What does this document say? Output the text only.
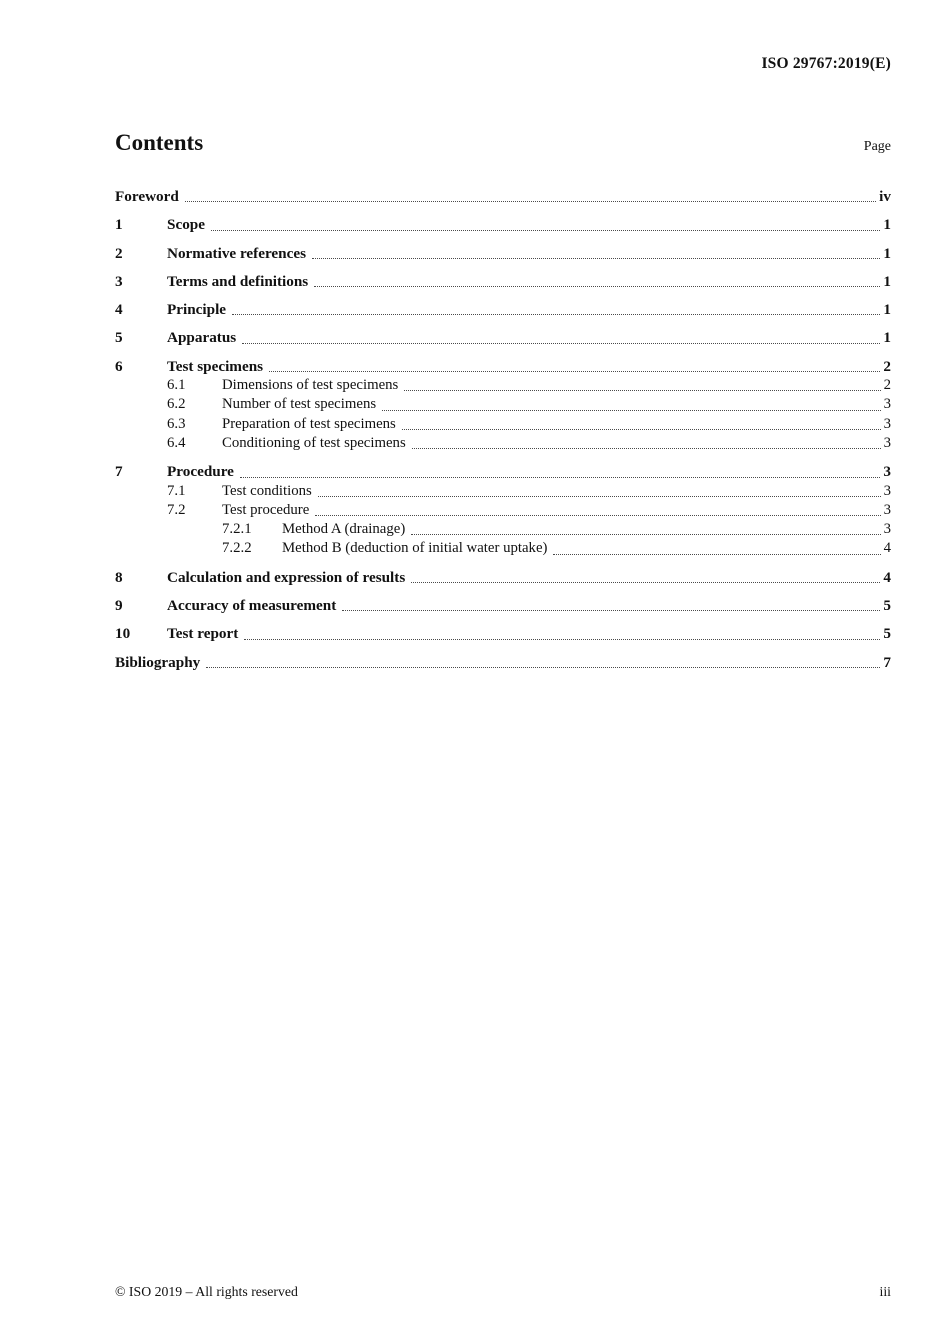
ISO 29767:2019(E)
Contents	Page
Foreword	iv
1	Scope	1
2	Normative references	1
3	Terms and definitions	1
4	Principle	1
5	Apparatus	1
6	Test specimens	2
6.1	Dimensions of test specimens	2
6.2	Number of test specimens	3
6.3	Preparation of test specimens	3
6.4	Conditioning of test specimens	3
7	Procedure	3
7.1	Test conditions	3
7.2	Test procedure	3
7.2.1	Method A (drainage)	3
7.2.2	Method B (deduction of initial water uptake)	4
8	Calculation and expression of results	4
9	Accuracy of measurement	5
10	Test report	5
Bibliography	7
© ISO 2019 – All rights reserved	iii
